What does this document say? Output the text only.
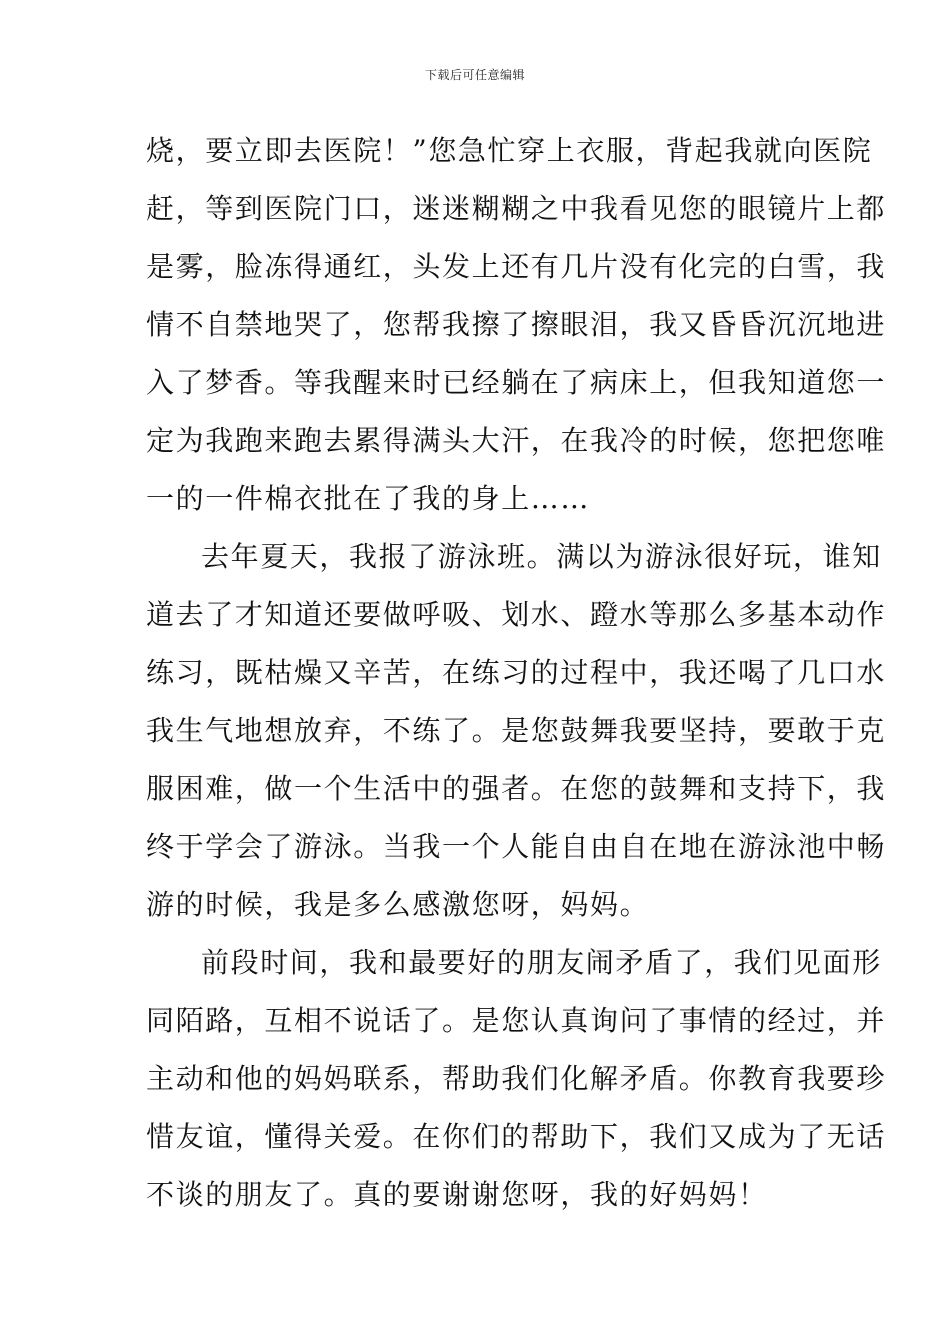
下载后可任意编辑
烧，要立即去医院！”您急忙穿上衣服，背起我就向医院
赶，等到医院门口，迷迷糊糊之中我看见您的眼镜片上都
是雾，脸冻得通红，头发上还有几片没有化完的白雪，我
情不自禁地哭了，您帮我擦了擦眼泪，我又昏昏沉沉地进
入了梦香。等我醒来时已经躺在了病床上，但我知道您一
定为我跑来跑去累得满头大汗，在我冷的时候，您把您唯
一的一件棉衣批在了我的身上……
去年夏天，我报了游泳班。满以为游泳很好玩，谁知
道去了才知道还要做呼吸、划水、蹬水等那么多基本动作
练习，既枯燥又辛苦，在练习的过程中，我还喝了几口水
我生气地想放弃，不练了。是您鼓舞我要坚持，要敢于克
服困难，做一个生活中的强者。在您的鼓舞和支持下，我
终于学会了游泳。当我一个人能自由自在地在游泳池中畅
游的时候，我是多么感激您呀，妈妈。
前段时间，我和最要好的朋友闹矛盾了，我们见面形
同陌路，互相不说话了。是您认真询问了事情的经过，并
主动和他的妈妈联系，帮助我们化解矛盾。你教育我要珍
惜友谊，懂得关爱。在你们的帮助下，我们又成为了无话
不谈的朋友了。真的要谢谢您呀，我的好妈妈！
